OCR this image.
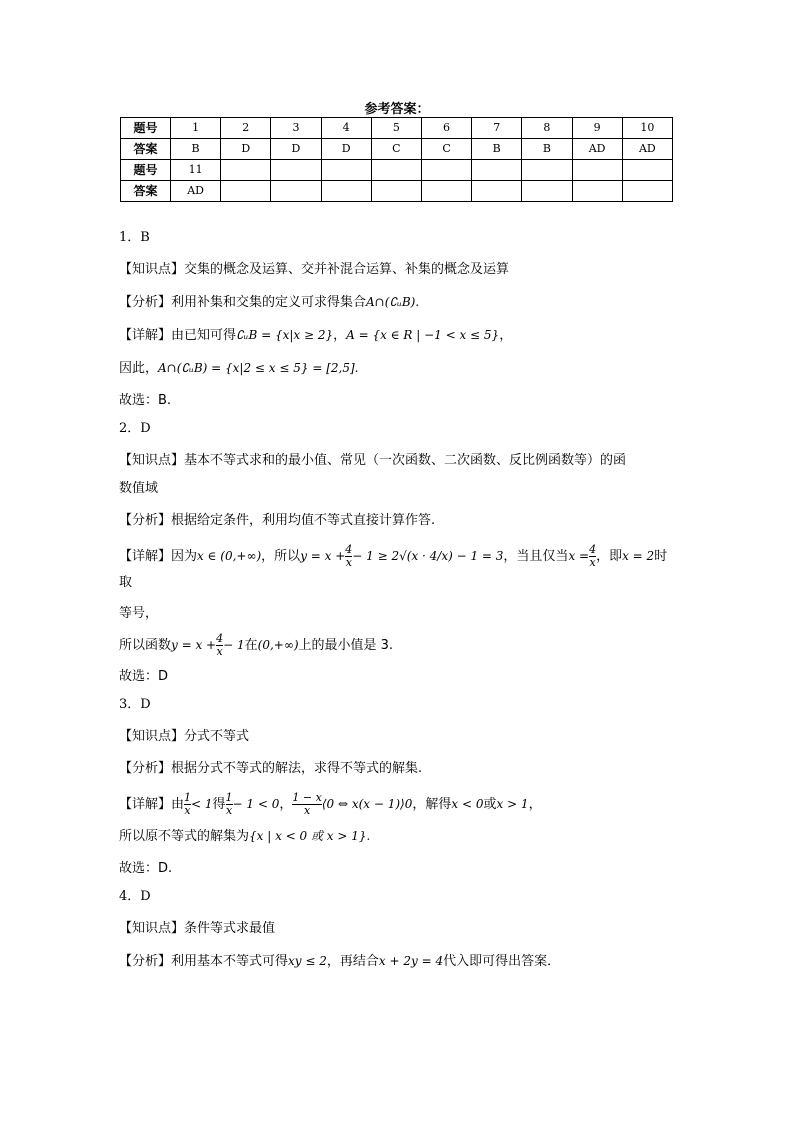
参考答案：
题号	1	2	3	4	5	6	7	8	9	10
答案	B	D	D	D	C	C	B	B	AD	AD
题号	11									
答案	AD									

1．B

【知识点】交集的概念及运算、交并补混合运算、补集的概念及运算

【分析】利用补集和交集的定义可求得集合A∩(∁ᵤB).

【详解】由已知可得∁ᵤB = {x|x ≥ 2}，A = {x ∈ R | −1 < x ≤ 5}，

因此，A∩(∁ᵤB) = {x|2 ≤ x ≤ 5} = [2,5].

故选：B.

2．D

【知识点】基本不等式求和的最小值、常见（一次函数、二次函数、反比例函数等）的函

数值域

【分析】根据给定条件，利用均值不等式直接计算作答.

【详解】因为x ∈ (0,+∞)，所以$y = x + \frac{4}{x} - 1 \ge 2√(x \cdot 4/x) - 1 = 3$，当且仅当$x = \frac{4}{x}$ ，即x = 2时取

等号，

所以函数$y = x + \frac{4}{x} - 1$在(0,+∞)上的最小值是 3.

故选：D

3．D

【知识点】分式不等式

【分析】根据分式不等式的解法，求得不等式的解集.

【详解】由 $\frac{1}{x} < 1$得 $\frac{1}{x} - 1 < 0$， $\frac{1 - x}{x}$ ⟨0 ⇔ x(x − 1)⟩0，解得x < 0或x > 1，

所以原不等式的解集为{x | x < 0 或 x > 1}.

故选：D.

4．D

【知识点】条件等式求最值

【分析】利用基本不等式可得xy ≤ 2，再结合x + 2y = 4代入即可得出答案．
